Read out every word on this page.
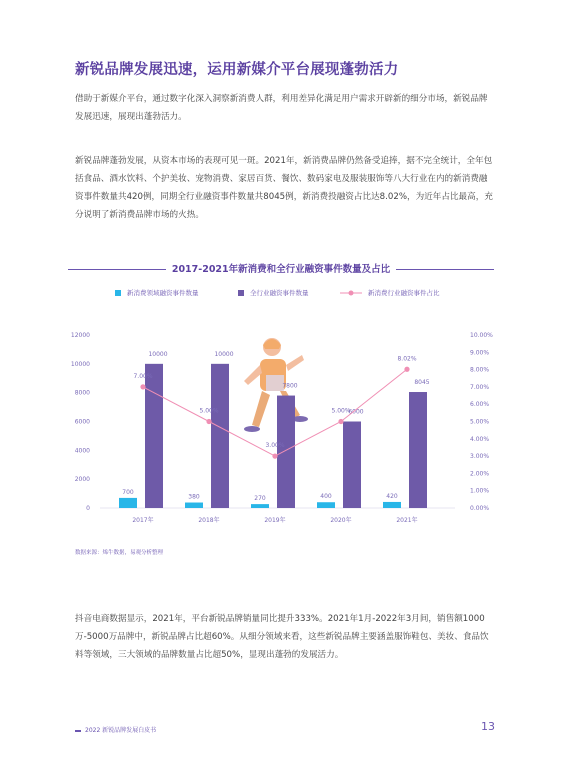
新锐品牌发展迅速，运用新媒介平台展现蓬勃活力
借助于新媒介平台，通过数字化深入洞察新消费人群，利用差异化满足用户需求开辟新的细分市场，新锐品牌发展迅速，展现出蓬勃活力。
新锐品牌蓬勃发展，从资本市场的表现可见一斑。2021年，新消费品牌仍然备受追捧，据不完全统计，全年包括食品、酒水饮料、个护美妆、宠物消费、家居百货、餐饮、数码家电及服装服饰等八大行业在内的新消费融资事件数量共420例，同期全行业融资事件数量共8045例，新消费投融资占比达8.02%，为近年占比最高，充分说明了新消费品牌市场的火热。
2017-2021年新消费和全行业融资事件数量及占比
新消费领域融资事件数量	全行业融资事件数量	新消费行业融资事件占比
0
2000
4000
6000
8000
10000
12000
0.00%
1.00%
2.00%
3.00%
4.00%
5.00%
6.00%
7.00%
8.00%
9.00%
10.00%
2017年	2018年	2019年	2020年	2021年
700
380	270	400	420
10000	10000
7800
6000
8045
7.00%
5.00%
3.00%
5.00%
8.02%
数据来源：烯牛数据，易观分析整理
抖音电商数据显示，2021年，平台新锐品牌销量同比提升333%。2021年1月-2022年3月间，销售额1000万-5000万品牌中，新锐品牌占比超60%。从细分领域来看，这些新锐品牌主要涵盖服饰鞋包、美妆、食品饮料等领域，三大领域的品牌数量占比超50%，显现出蓬勃的发展活力。
2022 新锐品牌发展白皮书	13
